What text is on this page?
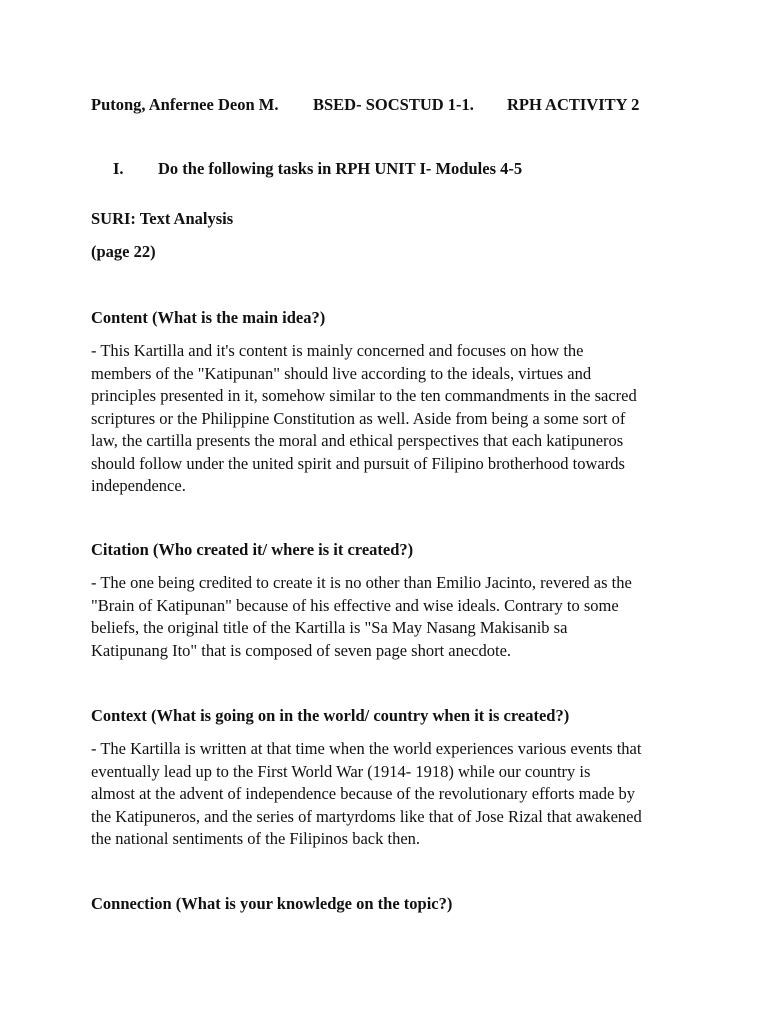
Putong, Anfernee Deon M. BSED- SOCSTUD 1-1. RPH ACTIVITY 2
I. Do the following tasks in RPH UNIT I- Modules 4-5
SURI: Text Analysis
(page 22)
Content (What is the main idea?)
- This Kartilla and it's content is mainly concerned and focuses on how the
members of the "Katipunan" should live according to the ideals, virtues and
principles presented in it, somehow similar to the ten commandments in the sacred
scriptures or the Philippine Constitution as well. Aside from being a some sort of
law, the cartilla presents the moral and ethical perspectives that each katipuneros
should follow under the united spirit and pursuit of Filipino brotherhood towards
independence.
Citation (Who created it/ where is it created?)
- The one being credited to create it is no other than Emilio Jacinto, revered as the
"Brain of Katipunan" because of his effective and wise ideals. Contrary to some
beliefs, the original title of the Kartilla is "Sa May Nasang Makisanib sa
Katipunang Ito" that is composed of seven page short anecdote.
Context (What is going on in the world/ country when it is created?)
- The Kartilla is written at that time when the world experiences various events that
eventually lead up to the First World War (1914- 1918) while our country is
almost at the advent of independence because of the revolutionary efforts made by
the Katipuneros, and the series of martyrdoms like that of Jose Rizal that awakened
the national sentiments of the Filipinos back then.
Connection (What is your knowledge on the topic?)
